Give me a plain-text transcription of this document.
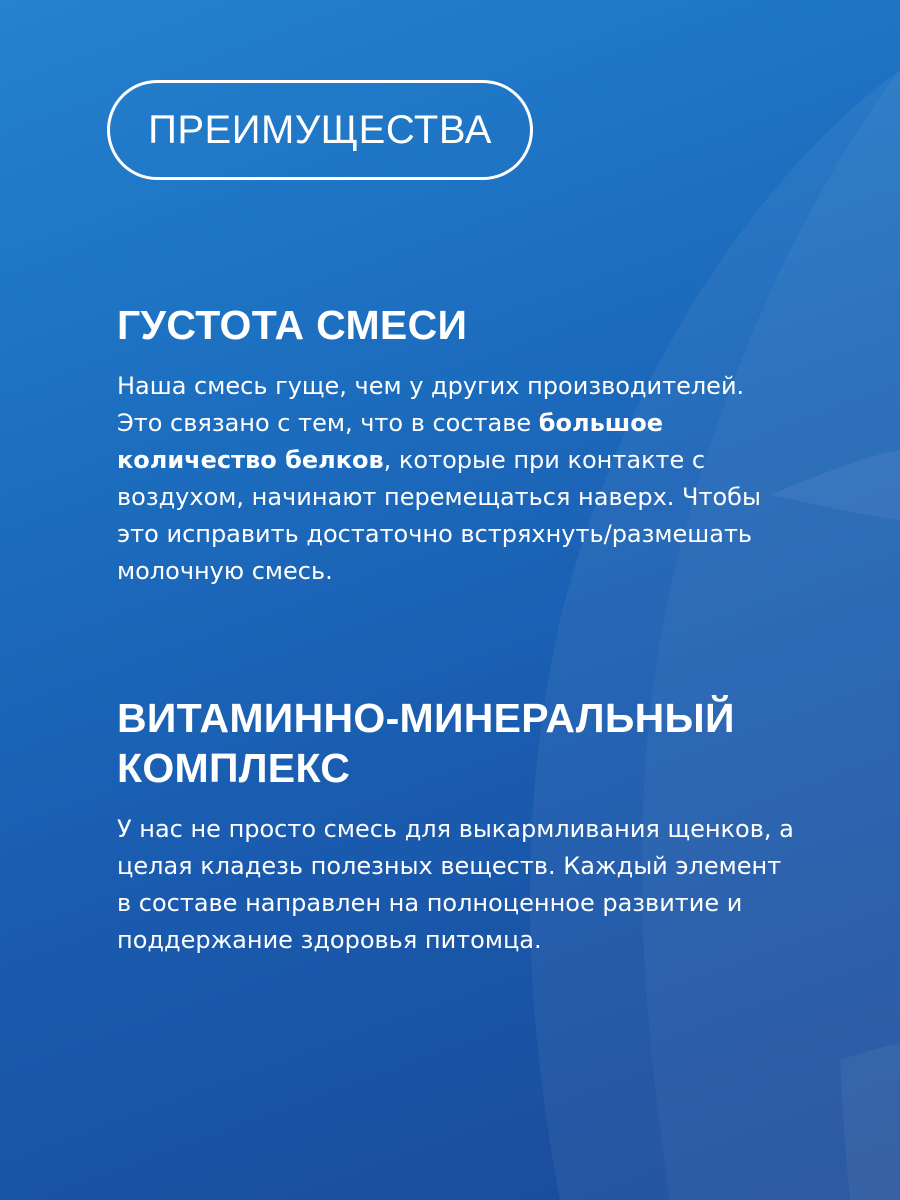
ПРЕИМУЩЕСТВА
ГУСТОТА СМЕСИ

Наша смесь гуще, чем у других производителей. Это связано с тем, что в составе большое количество белков, которые при контакте с воздухом, начинают перемещаться наверх. Чтобы это исправить достаточно встряхнуть/размешать молочную смесь.

ВИТАМИННО-МИНЕРАЛЬНЫЙ
КОМПЛЕКС

У нас не просто смесь для выкармливания щенков, а целая кладезь полезных веществ. Каждый элемент в составе направлен на полноценное развитие и поддержание здоровья питомца.
